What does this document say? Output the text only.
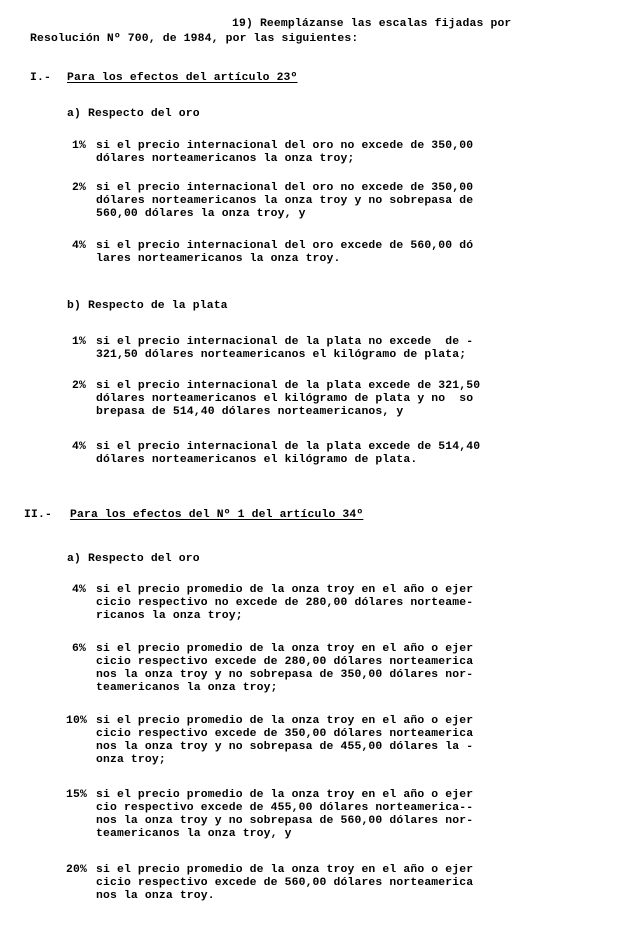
19) Reemplázanse las escalas fijadas por
Resolución Nº 700, de 1984, por las siguientes:
I.- Para los efectos del artículo 23º
a) Respecto del oro
1% si el precio internacional del oro no excede de 350,00
dólares norteamericanos la onza troy;
2% si el precio internacional del oro no excede de 350,00
dólares norteamericanos la onza troy y no sobrepasa de
560,00 dólares la onza troy, y
4% si el precio internacional del oro excede de 560,00 dó
lares norteamericanos la onza troy.
b) Respecto de la plata
1% si el precio internacional de la plata no excede  de -
321,50 dólares norteamericanos el kilógramo de plata;
2% si el precio internacional de la plata excede de 321,50
dólares norteamericanos el kilógramo de plata y no  so
brepasa de 514,40 dólares norteamericanos, y
4% si el precio internacional de la plata excede de 514,40
dólares norteamericanos el kilógramo de plata.
II.- Para los efectos del Nº 1 del artículo 34º
a) Respecto del oro
4% si el precio promedio de la onza troy en el año o ejer
cicio respectivo no excede de 280,00 dólares norteame-
ricanos la onza troy;
6% si el precio promedio de la onza troy en el año o ejer
cicio respectivo excede de 280,00 dólares norteamerica
nos la onza troy y no sobrepasa de 350,00 dólares nor-
teamericanos la onza troy;
10% si el precio promedio de la onza troy en el año o ejer
cicio respectivo excede de 350,00 dólares norteamerica
nos la onza troy y no sobrepasa de 455,00 dólares la -
onza troy;
15% si el precio promedio de la onza troy en el año o ejer
cio respectivo excede de 455,00 dólares norteamerica--
nos la onza troy y no sobrepasa de 560,00 dólares nor-
teamericanos la onza troy, y
20% si el precio promedio de la onza troy en el año o ejer
cicio respectivo excede de 560,00 dólares norteamerica
nos la onza troy.
